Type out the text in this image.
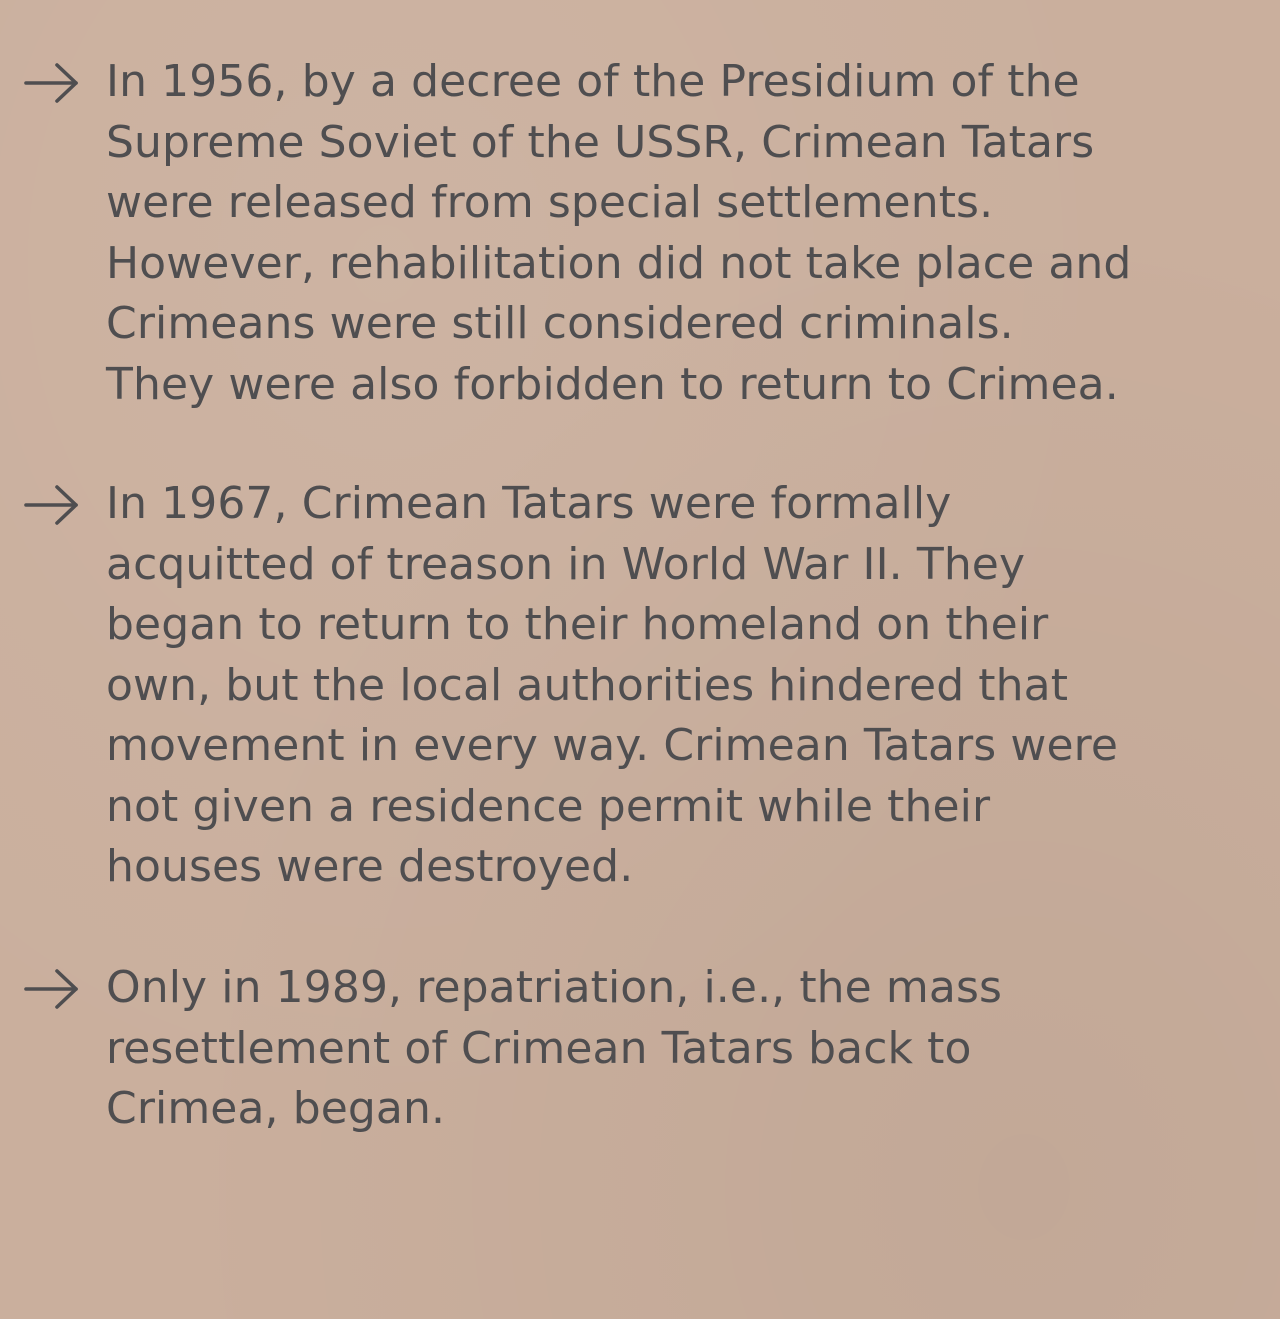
In 1956, by a decree of the Presidium of the
Supreme Soviet of the USSR, Crimean Tatars
were released from special settlements.
However, rehabilitation did not take place and
Crimeans were still considered criminals.
They were also forbidden to return to Crimea.
In 1967, Crimean Tatars were formally
acquitted of treason in World War II. They
began to return to their homeland on their
own, but the local authorities hindered that
movement in every way. Crimean Tatars were
not given a residence permit while their
houses were destroyed.
Only in 1989, repatriation, i.e., the mass
resettlement of Crimean Tatars back to
Crimea, began.
